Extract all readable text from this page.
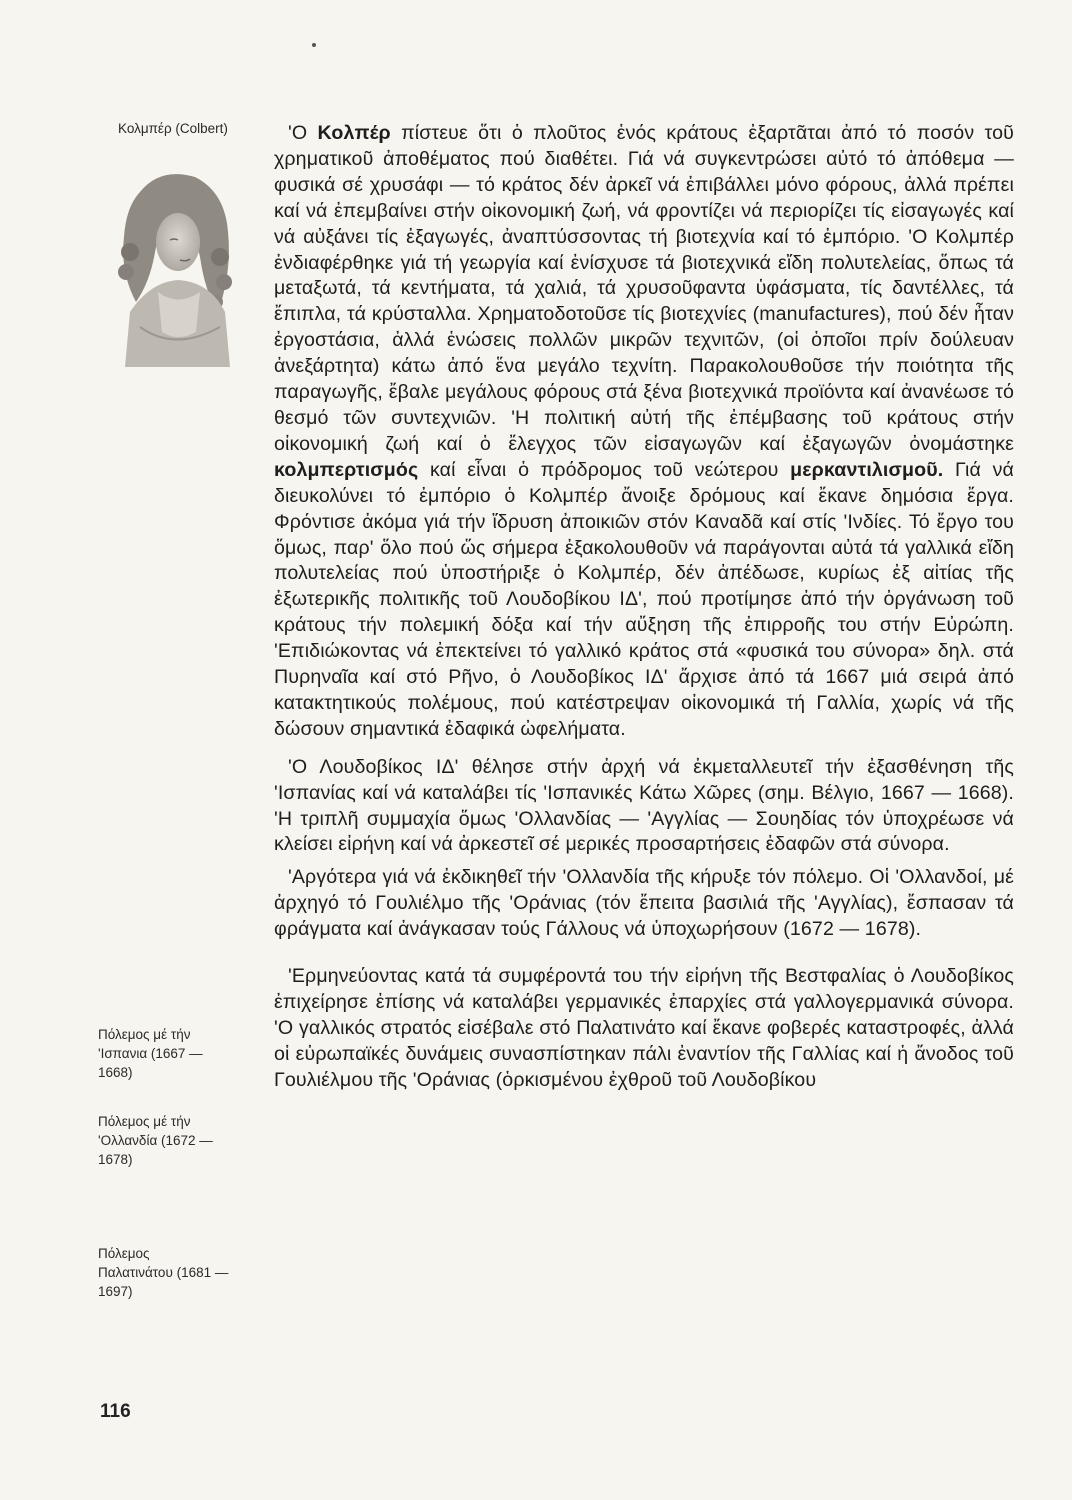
Κολμπέρ (Colbert)
Πόλεμος μέ τήν
'Ισπανια (1667 —
1668)
Πόλεμος μέ τήν
'Ολλανδία (1672 —
1678)
Πόλεμος
Παλατινάτου (1681 —
1697)
116

'Ο Κολπέρ πίστευε ὅτι ὁ πλοῦτος ἑνός κράτους ἐξαρτᾶται ἀπό τό ποσόν τοῦ χρηματικοῦ ἀποθέματος πού διαθέτει. Γιά νά συγκεντρώσει αὐτό τό ἀπόθεμα — φυσικά σέ χρυσάφι — τό κράτος δέν ἀρκεῖ νά ἐπιβάλλει μόνο φόρους, ἀλλά πρέπει καί νά ἐπεμβαίνει στήν οἰκονομική ζωή, νά φροντίζει νά περιορίζει τίς εἰσαγωγές καί νά αὐξάνει τίς ἐξαγωγές, ἀναπτύσσοντας τή βιοτεχνία καί τό ἐμπόριο. 'Ο Κολμπέρ ἐνδιαφέρθηκε γιά τή γεωργία καί ἐνίσχυσε τά βιοτεχνικά εἴδη πολυτελείας, ὅπως τά μεταξωτά, τά κεντήματα, τά χαλιά, τά χρυσοῦφαντα ὑφάσματα, τίς δαντέλλες, τά ἔπιπλα, τά κρύσταλλα. Χρηματοδοτοῦσε τίς βιοτεχνίες (manufactures), πού δέν ἦταν ἐργοστάσια, ἀλλά ἑνώσεις πολλῶν μικρῶν τεχνιτῶν, (οἱ ὁποῖοι πρίν δούλευαν ἀνεξάρτητα) κάτω ἀπό ἕνα μεγάλο τεχνίτη. Παρακολουθοῦσε τήν ποιότητα τῆς παραγωγῆς, ἔβαλε μεγάλους φόρους στά ξένα βιοτεχνικά προϊόντα καί ἀνανέωσε τό θεσμό τῶν συντεχνιῶν. 'Η πολιτική αὐτή τῆς ἐπέμβασης τοῦ κράτους στήν οἰκονομική ζωή καί ὁ ἔλεγχος τῶν εἰσαγωγῶν καί ἐξαγωγῶν ὀνομάστηκε κολμπερτισμός καί εἶναι ὁ πρόδρομος τοῦ νεώτερου μερκαντιλισμοῦ. Γιά νά διευκολύνει τό ἐμπόριο ὁ Κολμπέρ ἄνοιξε δρόμους καί ἔκανε δημόσια ἔργα. Φρόντισε ἀκόμα γιά τήν ἵδρυση ἀποικιῶν στόν Καναδᾶ καί στίς 'Ινδίες. Τό ἔργο του ὅμως, παρ' ὅλο πού ὥς σήμερα ἐξακολουθοῦν νά παράγονται αὐτά τά γαλλικά εἴδη πολυτελείας πού ὑποστήριξε ὁ Κολμπέρ, δέν ἀπέδωσε, κυρίως ἐξ αἰτίας τῆς ἐξωτερικῆς πολιτικῆς τοῦ Λουδοβίκου ΙΔ', πού προτίμησε ἀπό τήν ὀργάνωση τοῦ κράτους τήν πολεμική δόξα καί τήν αὔξηση τῆς ἐπιρροῆς του στήν Εὐρώπη. 'Επιδιώκοντας νά ἐπεκτείνει τό γαλλικό κράτος στά «φυσικά του σύνορα» δηλ. στά Πυρηναῖα καί στό Ρῆνο, ὁ Λουδοβίκος ΙΔ' ἄρχισε ἀπό τά 1667 μιά σειρά ἀπό κατακτητικούς πολέμους, πού κατέστρεψαν οἰκονομικά τή Γαλλία, χωρίς νά τῆς δώσουν σημαντικά ἐδαφικά ὠφελήματα.

'Ο Λουδοβίκος ΙΔ' θέλησε στήν ἀρχή νά ἐκμεταλλευτεῖ τήν ἐξασθένηση τῆς 'Ισπανίας καί νά καταλάβει τίς 'Ισπανικές Κάτω Χῶρες (σημ. Βέλγιο, 1667 — 1668). 'Η τριπλῆ συμμαχία ὅμως 'Ολλανδίας — 'Αγγλίας — Σουηδίας τόν ὑποχρέωσε νά κλείσει εἰρήνη καί νά ἀρκεστεῖ σέ μερικές προσαρτήσεις ἐδαφῶν στά σύνορα.

'Αργότερα γιά νά ἐκδικηθεῖ τήν 'Ολλανδία τῆς κήρυξε τόν πόλεμο. Οἱ 'Ολλανδοί, μέ ἀρχηγό τό Γουλιέλμο τῆς 'Οράνιας (τόν ἔπειτα βασιλιά τῆς 'Αγγλίας), ἔσπασαν τά φράγματα καί ἀνάγκασαν τούς Γάλλους νά ὑποχωρήσουν (1672 — 1678).

'Ερμηνεύοντας κατά τά συμφέροντά του τήν εἰρήνη τῆς Βεστφαλίας ὁ Λουδοβίκος ἐπιχείρησε ἐπίσης νά καταλάβει γερμανικές ἐπαρχίες στά γαλλογερμανικά σύνορα. 'Ο γαλλικός στρατός εἰσέβαλε στό Παλατινάτο καί ἔκανε φοβερές καταστροφές, ἀλλά οἱ εὐρωπαϊκές δυνάμεις συνασπίστηκαν πάλι ἐναντίον τῆς Γαλλίας καί ἡ ἄνοδος τοῦ Γουλιέλμου τῆς 'Οράνιας (ὁρκισμένου ἐχθροῦ τοῦ Λουδοβίκου
